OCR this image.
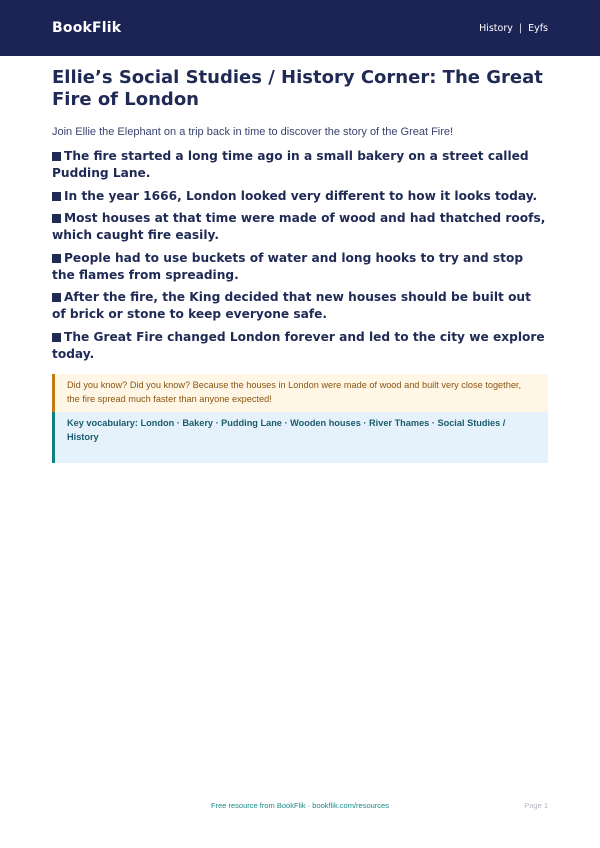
BookFlik	History | Eyfs
Ellie’s Social Studies / History Corner: The Great Fire of London

Join Ellie the Elephant on a trip back in time to discover the story of the Great Fire!

The fire started a long time ago in a small bakery on a street called Pudding Lane.
In the year 1666, London looked very different to how it looks today.
Most houses at that time were made of wood and had thatched roofs, which caught fire easily.
People had to use buckets of water and long hooks to try and stop the flames from spreading.
After the fire, the King decided that new houses should be built out of brick or stone to keep everyone safe.
The Great Fire changed London forever and led to the city we explore today.
Did you know? Did you know? Because the houses in London were made of wood and built very close together, the fire spread much faster than anyone expected!
Key vocabulary: London · Bakery · Pudding Lane · Wooden houses · River Thames · Social Studies / History
Free resource from BookFlik · bookflik.com/resources	Page 1
